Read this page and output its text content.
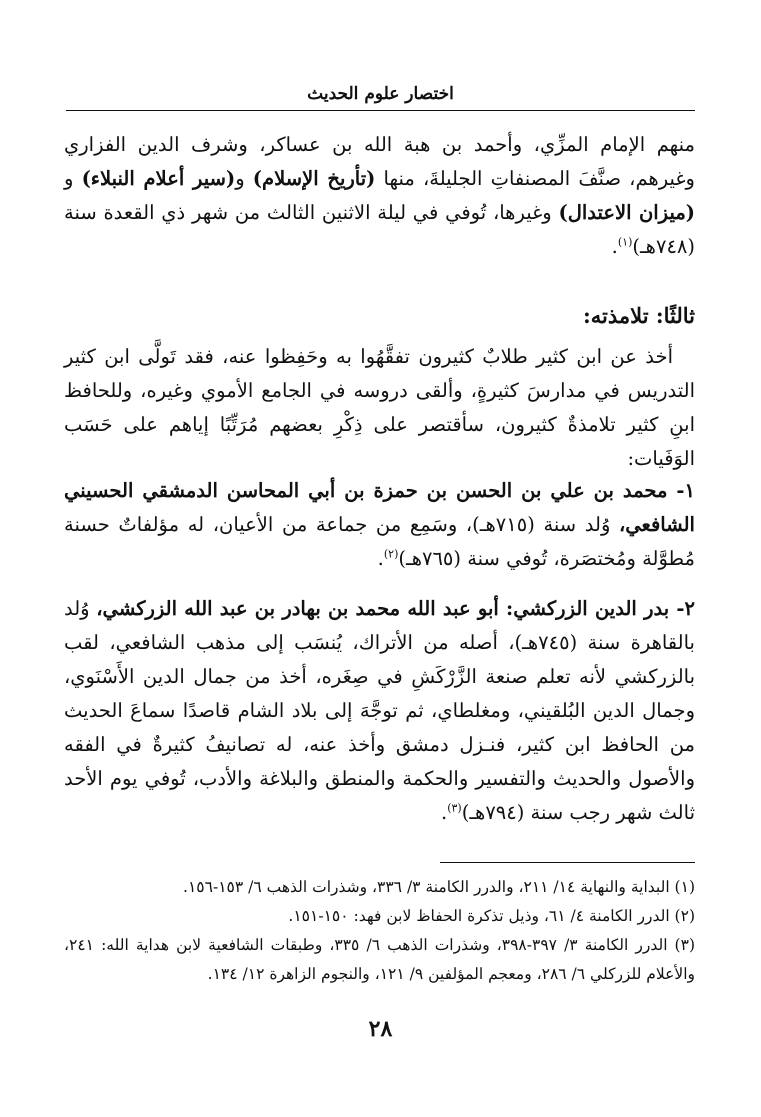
اختصار علوم الحديث

منهم الإمام المزِّي، وأحمد بن هبة الله بن عساكر، وشرف الدين الفزاري وغيرهم، صنَّفَ المصنفاتِ الجليلةَ، منها (تأريخ الإسلام) و(سير أعلام النبلاء) و (ميزان الاعتدال) وغيرها، تُوفي في ليلة الاثنين الثالث من شهر ذي القعدة سنة (٧٤٨هـ)$^{(١)}$.

ثالثًا: تلامذته:

أخذ عن ابن كثير طلابٌ كثيرون تفقَّهُوا به وحَفِظوا عنه، فقد تَولَّى ابن كثير التدريس في مدارسَ كثيرةٍ، وألقى دروسه في الجامع الأموي وغيره، وللحافظ ابنِ كثير تلامذةٌ كثيرون، سأقتصر على ذِكْرِ بعضهم مُرَتِّبًا إياهم على حَسَب الوَفَيات:

١- محمد بن علي بن الحسن بن حمزة بن أبي المحاسن الدمشقي الحسيني الشافعي، وُلد سنة (٧١٥هـ)، وسَمِع من جماعة من الأعيان، له مؤلفاتٌ حسنة مُطوَّلة ومُختصَرة، تُوفي سنة (٧٦٥هـ)$^{(٢)}$.
٢- بدر الدين الزركشي: أبو عبد الله محمد بن بهادر بن عبد الله الزركشي، وُلد بالقاهرة سنة (٧٤٥هـ)، أصله من الأتراك، يُنسَب إلى مذهب الشافعي، لقب بالزركشي لأنه تعلم صنعة الزَّرْكَشِ في صِغَره، أخذ من جمال الدين الأَسْنَوي، وجمال الدين البُلقيني، ومغلطاي، ثم توجَّهَ إلى بلاد الشام قاصدًا سماعَ الحديث من الحافظ ابن كثير، فنـزل دمشق وأخذ عنه، له تصانيفُ كثيرةٌ في الفقه والأصول والحديث والتفسير والحكمة والمنطق والبلاغة والأدب، تُوفي يوم الأحد ثالث شهر رجب سنة (٧٩٤هـ)$^{(٣)}$.
(١) البداية والنهاية ١٤/ ٢١١، والدرر الكامنة ٣/ ٣٣٦، وشذرات الذهب ٦/ ١٥٣-١٥٦.
(٢) الدرر الكامنة ٤/ ٦١، وذيل تذكرة الحفاظ لابن فهد: ١٥٠-١٥١.
(٣) الدرر الكامنة ٣/ ٣٩٧-٣٩٨، وشذرات الذهب ٦/ ٣٣٥، وطبقات الشافعية لابن هداية الله: ٢٤١، والأعلام للزركلي ٦/ ٢٨٦، ومعجم المؤلفين ٩/ ١٢١، والنجوم الزاهرة ١٢/ ١٣٤.
٢٨
